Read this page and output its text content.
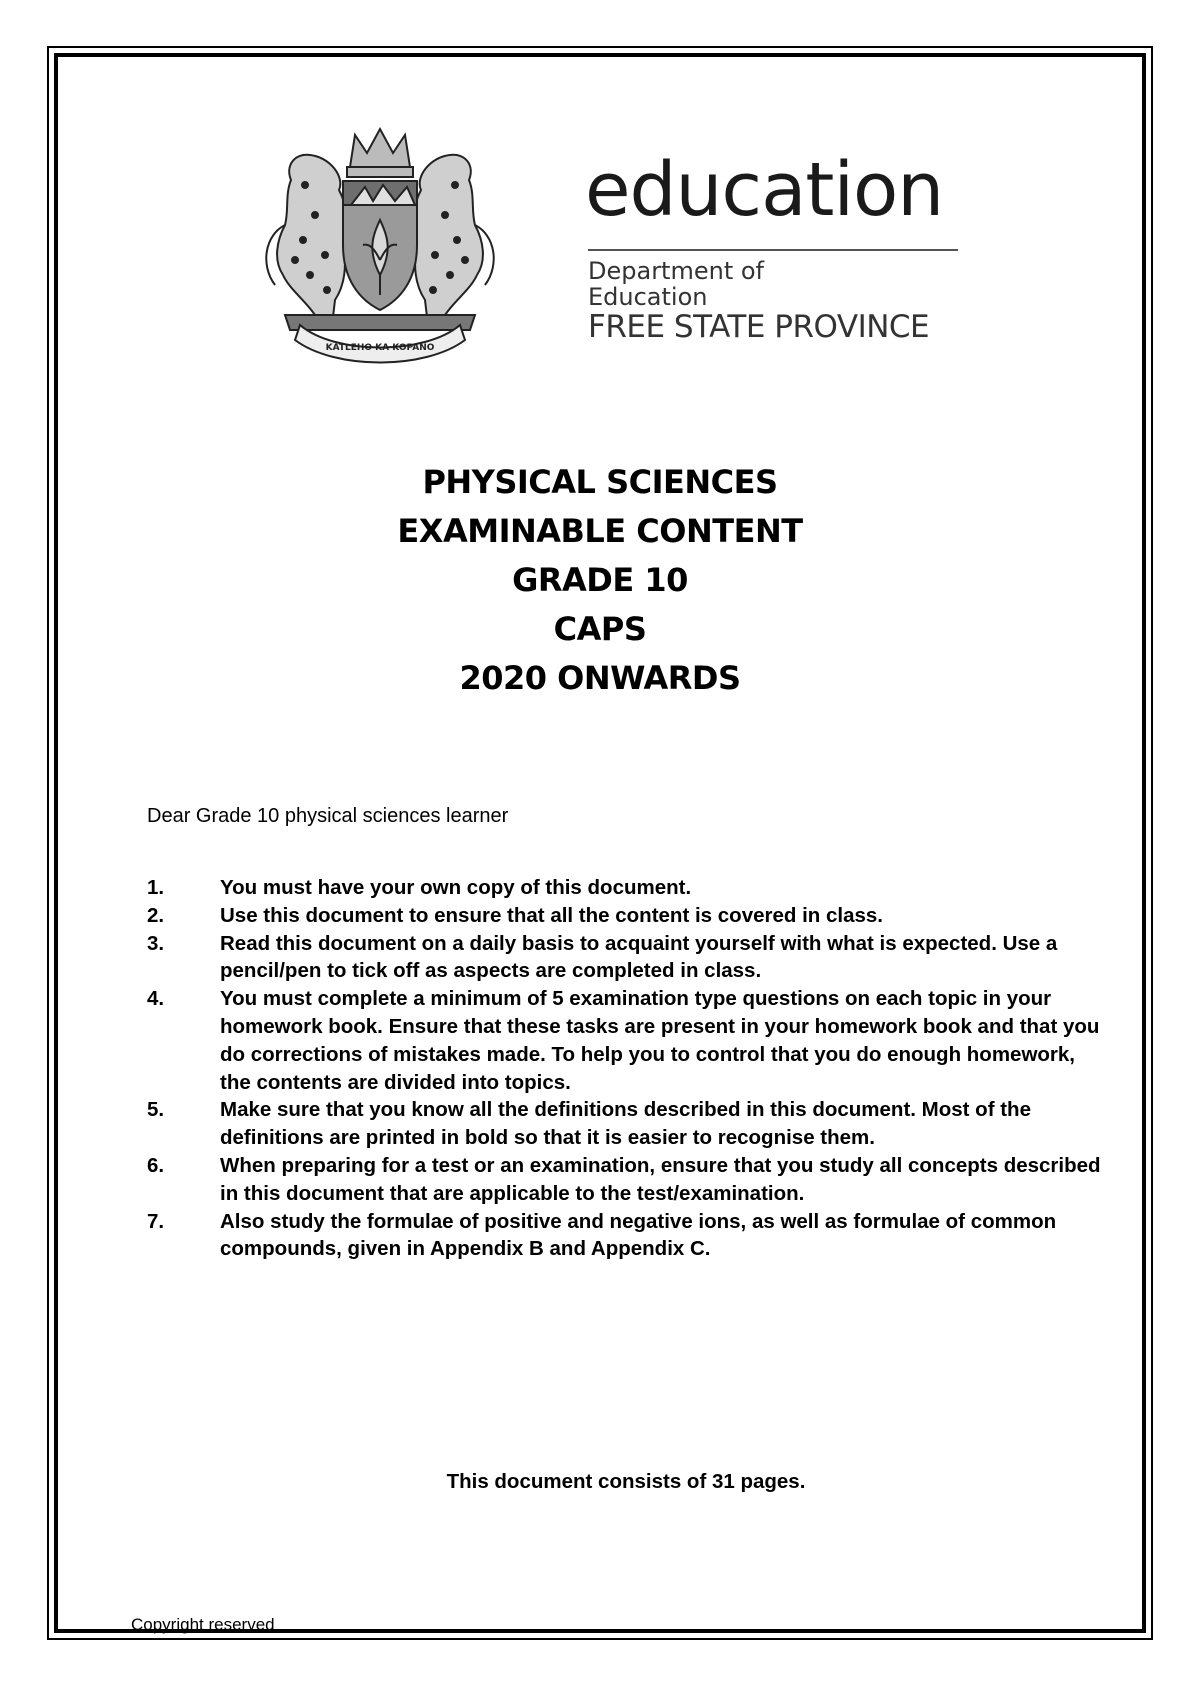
KATLEHO KA KOPANO
education
Department of
Education
FREE STATE PROVINCE
PHYSICAL SCIENCES
EXAMINABLE CONTENT
GRADE 10
CAPS
2020 ONWARDS
Dear Grade 10 physical sciences learner
1.	You must have your own copy of this document.
2.	Use this document to ensure that all the content is covered in class.
3.	Read this document on a daily basis to acquaint yourself with what is expected. Use a pencil/pen to tick off as aspects are completed in class.
4.	You must complete a minimum of 5 examination type questions on each topic in your homework book. Ensure that these tasks are present in your homework book and that you do corrections of mistakes made. To help you to control that you do enough homework, the contents are divided into topics.
5.	Make sure that you know all the definitions described in this document. Most of the definitions are printed in bold so that it is easier to recognise them.
6.	When preparing for a test or an examination, ensure that you study all concepts described in this document that are applicable to the test/examination.
7.	Also study the formulae of positive and negative ions, as well as formulae of common compounds, given in Appendix B and Appendix C.
This document consists of 31 pages.
Copyright reserved
